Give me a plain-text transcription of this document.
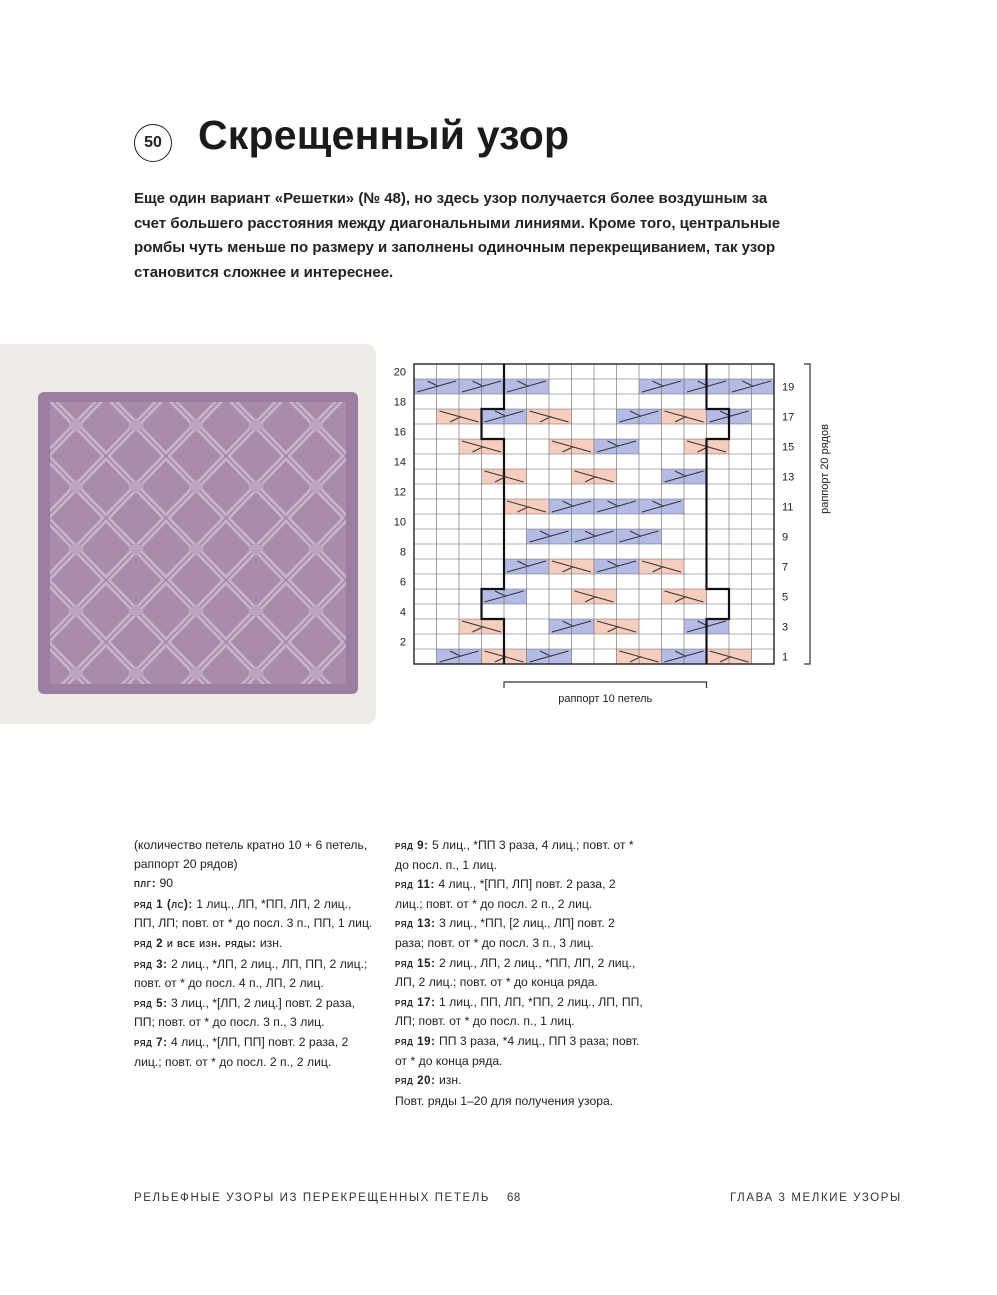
50 Скрещенный узор
Еще один вариант «Решетки» (№ 48), но здесь узор получается более воздушным за счет большего расстояния между диагональными линиями. Кроме того, центральные ромбы чуть меньше по размеру и заполнены одиночным перекрещиванием, так узор становится сложнее и интереснее.
20
18
16
14
12
10
8
6
4
2
19
17
15
13
11
9
7
5
3
1
раппорт 20 рядов
раппорт 10 петель

(количество петель кратно 10 + 6 петель, раппорт 20 рядов)

плг: 90

ряд 1 (лс): 1 лиц., ЛП, *ПП, ЛП, 2 лиц., ПП, ЛП; повт. от * до посл. 3 п., ПП, 1 лиц.

ряд 2 и все изн. ряды: изн.

ряд 3: 2 лиц., *ЛП, 2 лиц., ЛП, ПП, 2 лиц.; повт. от * до посл. 4 п., ЛП, 2 лиц.

ряд 5: 3 лиц., *[ЛП, 2 лиц.] повт. 2 раза, ПП; повт. от * до посл. 3 п., 3 лиц.

ряд 7: 4 лиц., *[ЛП, ПП] повт. 2 раза, 2 лиц.; повт. от * до посл. 2 п., 2 лиц.

ряд 9: 5 лиц., *ПП 3 раза, 4 лиц.; повт. от * до посл. п., 1 лиц.

ряд 11: 4 лиц., *[ПП, ЛП] повт. 2 раза, 2 лиц.; повт. от * до посл. 2 п., 2 лиц.

ряд 13: 3 лиц., *ПП, [2 лиц., ЛП] повт. 2 раза; повт. от * до посл. 3 п., 3 лиц.

ряд 15: 2 лиц., ЛП, 2 лиц., *ПП, ЛП, 2 лиц., ЛП, 2 лиц.; повт. от * до конца ряда.

ряд 17: 1 лиц., ПП, ЛП, *ПП, 2 лиц., ЛП, ПП, ЛП; повт. от * до посл. п., 1 лиц.

ряд 19: ПП 3 раза, *4 лиц., ПП 3 раза; повт. от * до конца ряда.

ряд 20: изн.

Повт. ряды 1–20 для получения узора.

РЕЛЬЕФНЫЕ УЗОРЫ ИЗ ПЕРЕКРЕЩЕННЫХ ПЕТЕЛЬ 68	ГЛАВА 3 МЕЛКИЕ УЗОРЫ
